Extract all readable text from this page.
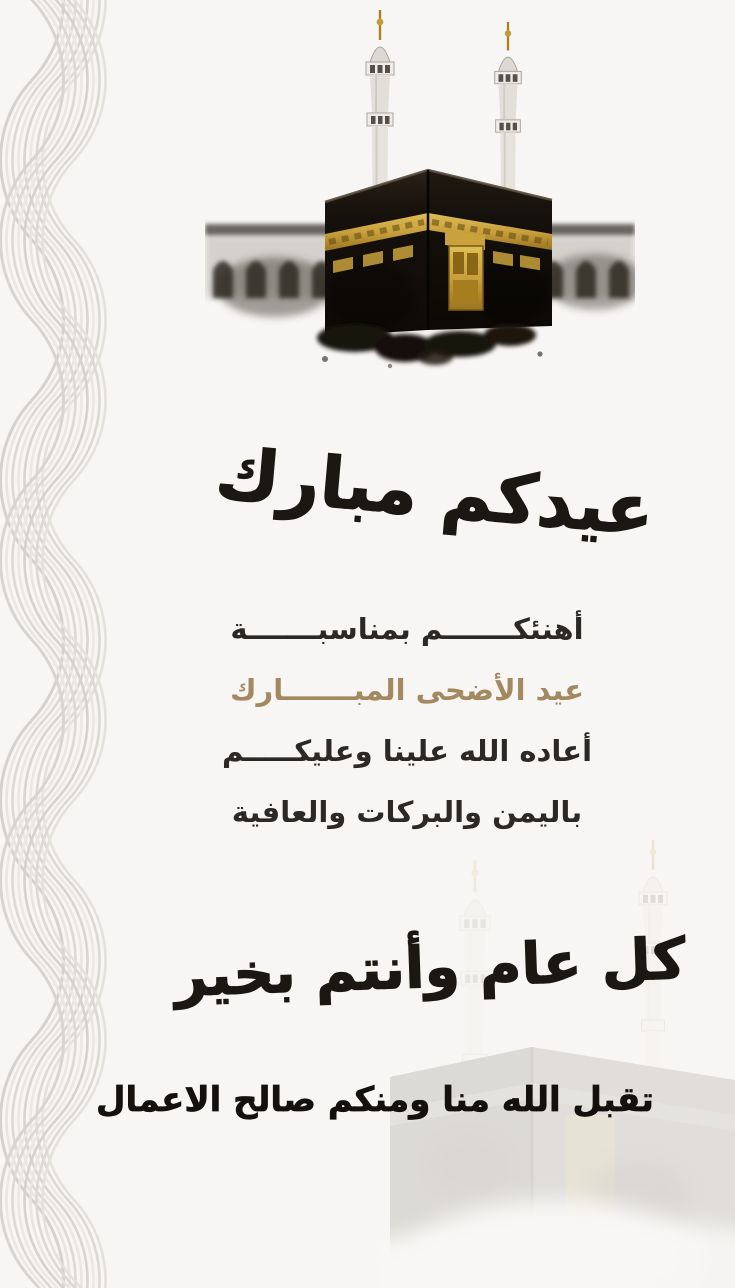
عيدكم مبارك
أهنئكـــــــم بمناسبـــــــة
عيد الأضحى المبـــــــارك
أعاده الله علينا وعليكـــــم
باليمن والبركات والعافية
كل عام وأنتم بخير
تقبل الله منا ومنكم صالح الاعمال
